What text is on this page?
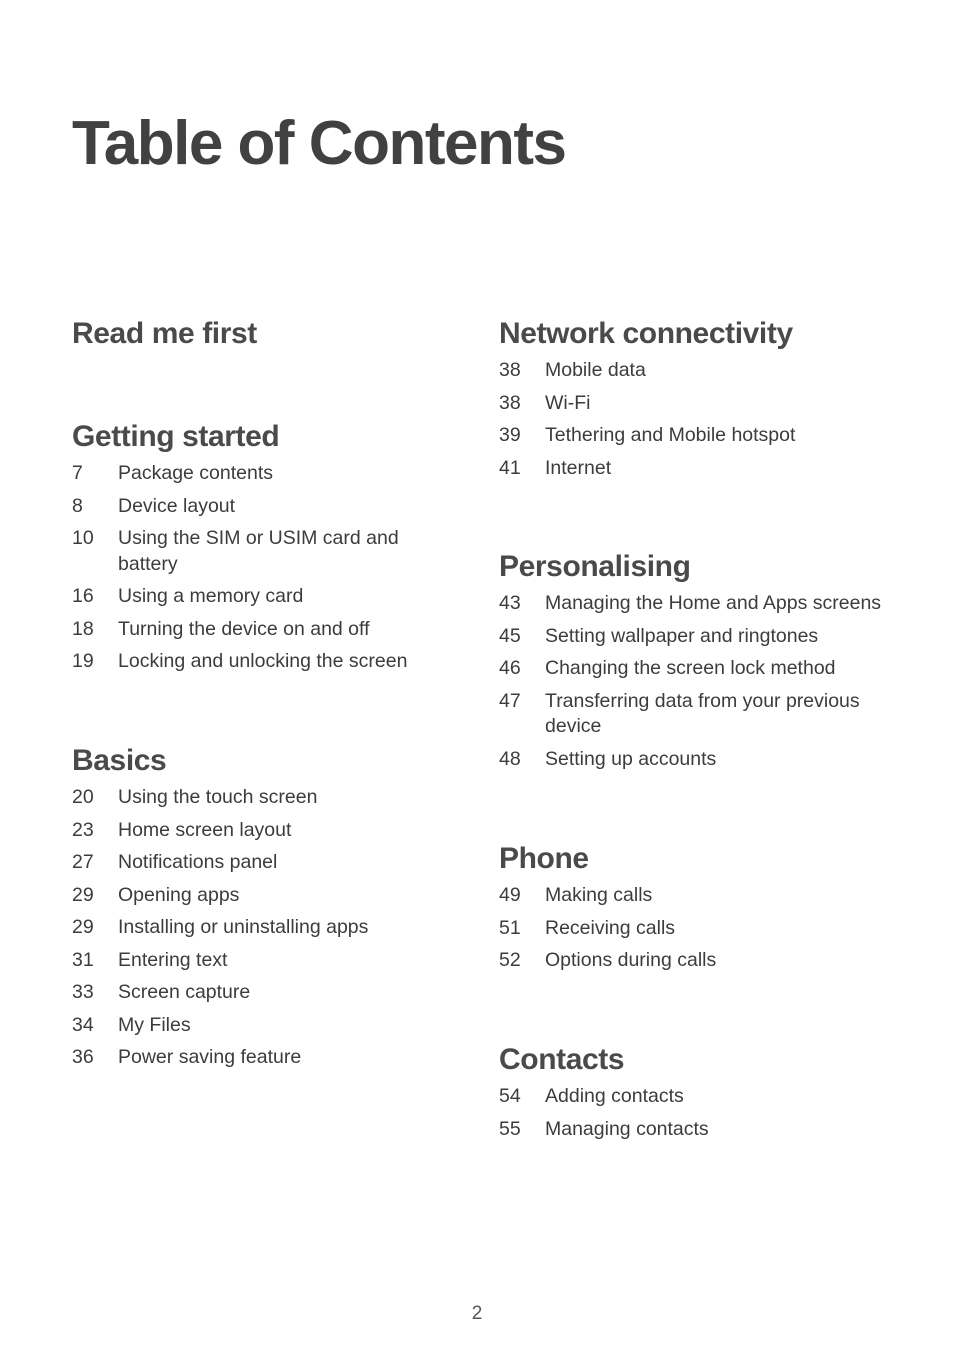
Table of Contents
Read me first
Getting started
7	Package contents
8	Device layout
10	Using the SIM or USIM card and battery
16	Using a memory card
18	Turning the device on and off
19	Locking and unlocking the screen
Basics
20	Using the touch screen
23	Home screen layout
27	Notifications panel
29	Opening apps
29	Installing or uninstalling apps
31	Entering text
33	Screen capture
34	My Files
36	Power saving feature
Network connectivity
38	Mobile data
38	Wi-Fi
39	Tethering and Mobile hotspot
41	Internet
Personalising
43	Managing the Home and Apps screens
45	Setting wallpaper and ringtones
46	Changing the screen lock method
47	Transferring data from your previous device
48	Setting up accounts
Phone
49	Making calls
51	Receiving calls
52	Options during calls
Contacts
54	Adding contacts
55	Managing contacts
2
